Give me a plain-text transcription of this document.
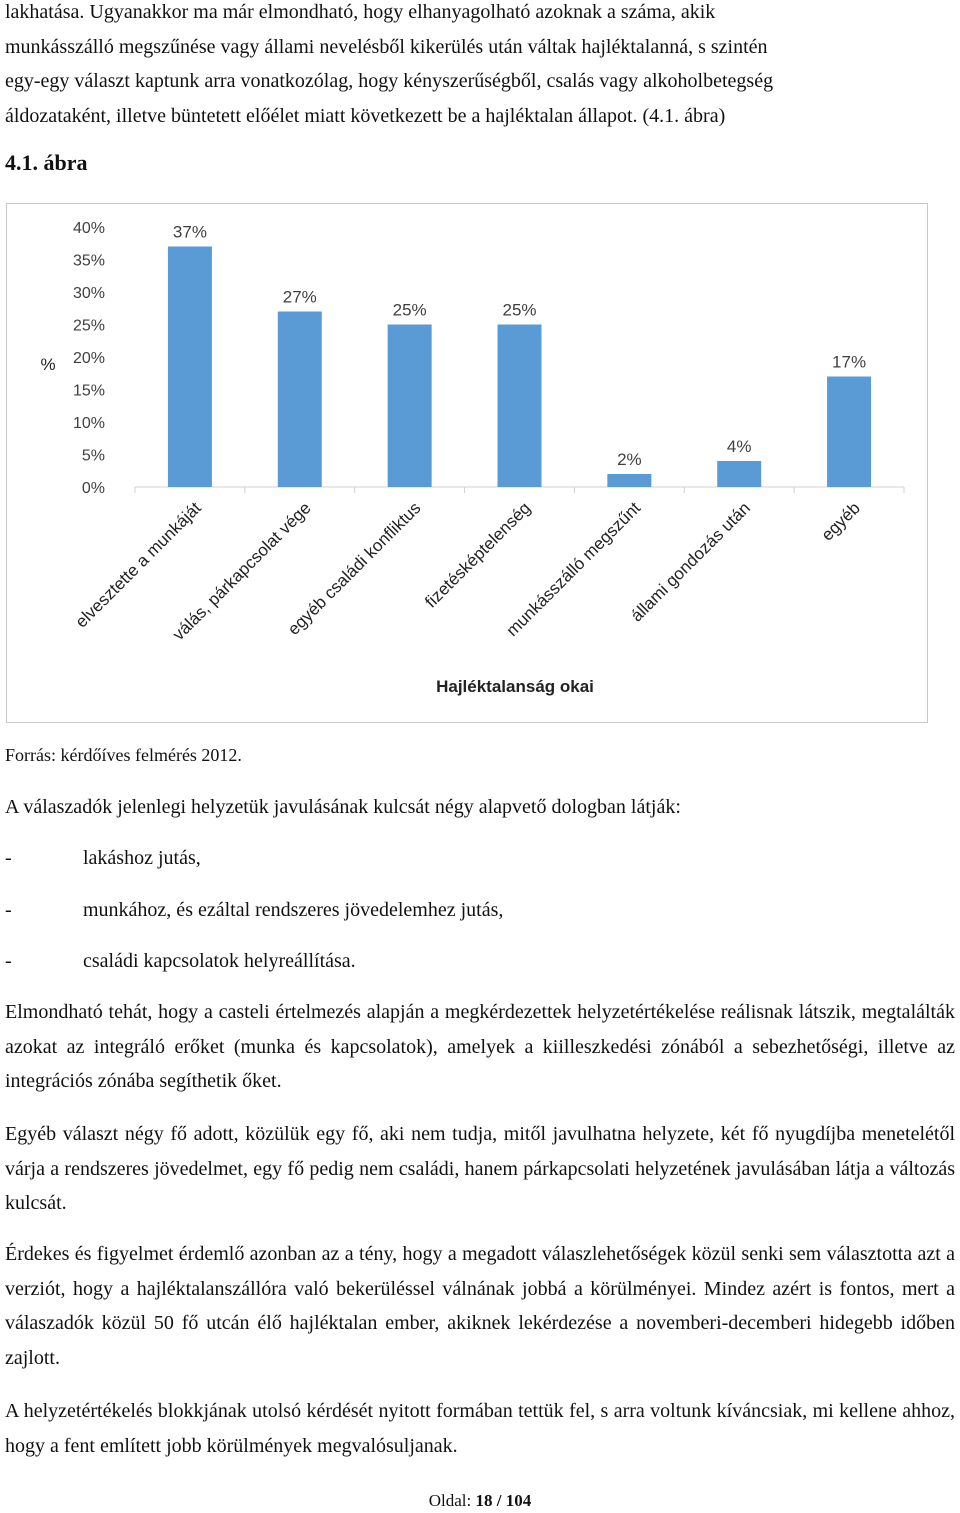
lakhatása. Ugyanakkor ma már elmondható, hogy elhanyagolható azoknak a száma, akik
munkásszálló megszűnése vagy állami nevelésből kikerülés után váltak hajléktalanná, s szintén
egy-egy választ kaptunk arra vonatkozólag, hogy kényszerűségből, csalás vagy alkoholbetegség
áldozataként, illetve büntetett előélet miatt következett be a hajléktalan állapot. (4.1. ábra)

4.1. ábra

0%
5%
10%
15%
20%
25%
30%
35%
40%
%
37%
elvesztette a munkáját
27%
válás, párkapcsolat vége
25%
egyéb családi konfliktus
25%
fizetésképtelenség
2%
munkásszálló megszűnt
4%
állami gondozás után
17%
egyéb
Hajléktalanság okai

Forrás: kérdőíves felmérés 2012.

A válaszadók jelenlegi helyzetük javulásának kulcsát négy alapvető dologban látják:

-	lakáshoz jutás,

-	munkához, és ezáltal rendszeres jövedelemhez jutás,

-	családi kapcsolatok helyreállítása.

Elmondható tehát, hogy a casteli értelmezés alapján a megkérdezettek helyzetértékelése reálisnak látszik, megtalálták azokat az integráló erőket (munka és kapcsolatok), amelyek a kiilleszkedési zónából a sebezhetőségi, illetve az integrációs zónába segíthetik őket.

Egyéb választ négy fő adott, közülük egy fő, aki nem tudja, mitől javulhatna helyzete, két fő nyugdíjba menetelétől várja a rendszeres jövedelmet, egy fő pedig nem családi, hanem párkapcsolati helyzetének javulásában látja a változás kulcsát.

Érdekes és figyelmet érdemlő azonban az a tény, hogy a megadott válaszlehetőségek közül senki sem választotta azt a verziót, hogy a hajléktalanszállóra való bekerüléssel válnának jobbá a körülményei. Mindez azért is fontos, mert a válaszadók közül 50 fő utcán élő hajléktalan ember, akiknek lekérdezése a novemberi-decemberi hidegebb időben zajlott.

A helyzetértékelés blokkjának utolsó kérdését nyitott formában tettük fel, s arra voltunk kíváncsiak, mi kellene ahhoz, hogy a fent említett jobb körülmények megvalósuljanak.

Oldal: 18 / 104
